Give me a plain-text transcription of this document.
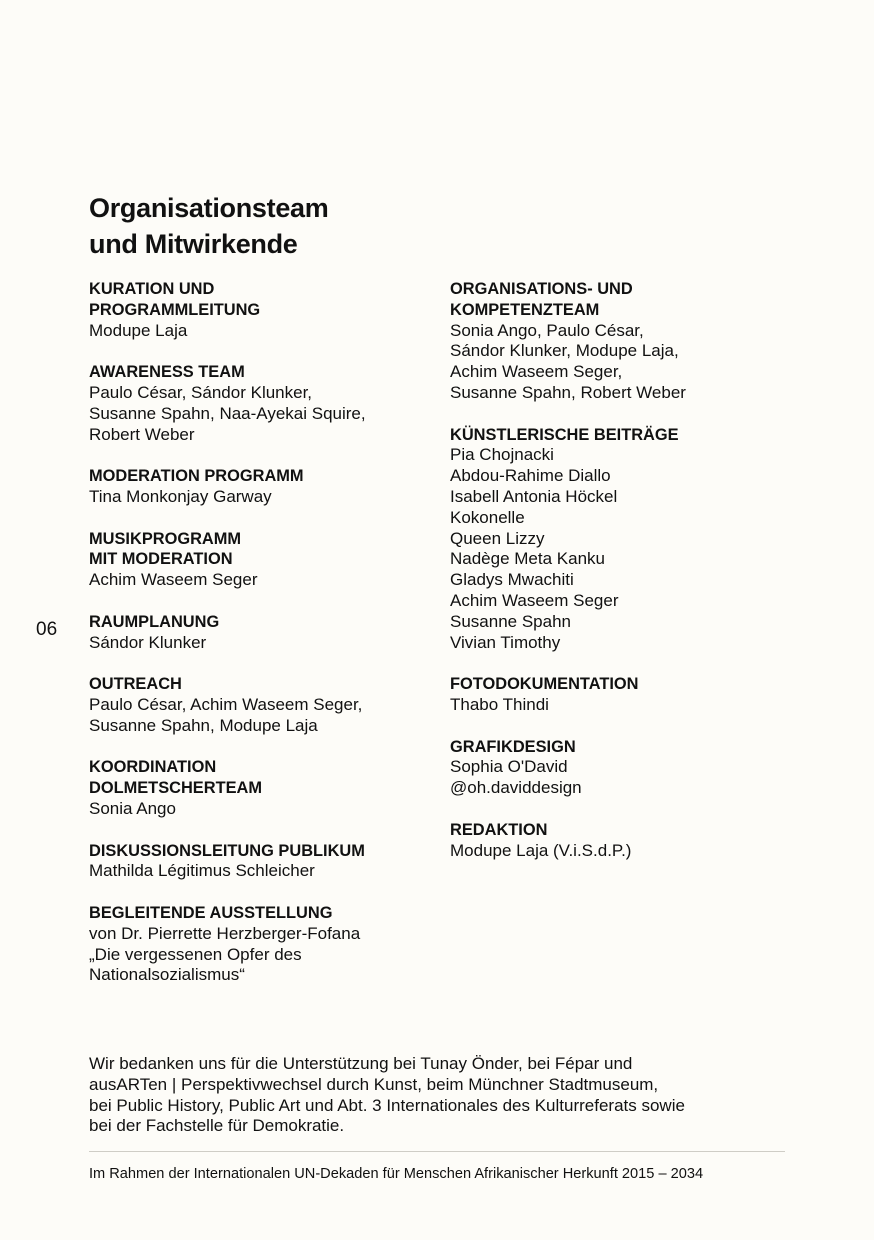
06
Organisationsteam
und Mitwirkende
KURATION UND
PROGRAMMLEITUNG
Modupe Laja
AWARENESS TEAM
Paulo César, Sándor Klunker,
Susanne Spahn, Naa-Ayekai Squire,
Robert Weber
MODERATION PROGRAMM
Tina Monkonjay Garway
MUSIKPROGRAMM
MIT MODERATION
Achim Waseem Seger
RAUMPLANUNG
Sándor Klunker
OUTREACH
Paulo César, Achim Waseem Seger,
Susanne Spahn, Modupe Laja
KOORDINATION
DOLMETSCHERTEAM
Sonia Ango
DISKUSSIONSLEITUNG PUBLIKUM
Mathilda Légitimus Schleicher
BEGLEITENDE AUSSTELLUNG
von Dr. Pierrette Herzberger-Fofana
„Die vergessenen Opfer des
Nationalsozialismus“
ORGANISATIONS- UND
KOMPETENZTEAM
Sonia Ango, Paulo César,
Sándor Klunker, Modupe Laja,
Achim Waseem Seger,
Susanne Spahn, Robert Weber
KÜNSTLERISCHE BEITRÄGE
Pia Chojnacki
Abdou-Rahime Diallo
Isabell Antonia Höckel
Kokonelle
Queen Lizzy
Nadège Meta Kanku
Gladys Mwachiti
Achim Waseem Seger
Susanne Spahn
Vivian Timothy
FOTODOKUMENTATION
Thabo Thindi
GRAFIKDESIGN
Sophia O'David
@oh.daviddesign
REDAKTION
Modupe Laja (V.i.S.d.P.)
Wir bedanken uns für die Unterstützung bei Tunay Önder, bei Fépar und
ausARTen | Perspektivwechsel durch Kunst, beim Münchner Stadtmuseum,
bei Public History, Public Art und Abt. 3 Internationales des Kulturreferats sowie
bei der Fachstelle für Demokratie.
Im Rahmen der Internationalen UN-Dekaden für Menschen Afrikanischer Herkunft 2015 – 2034
